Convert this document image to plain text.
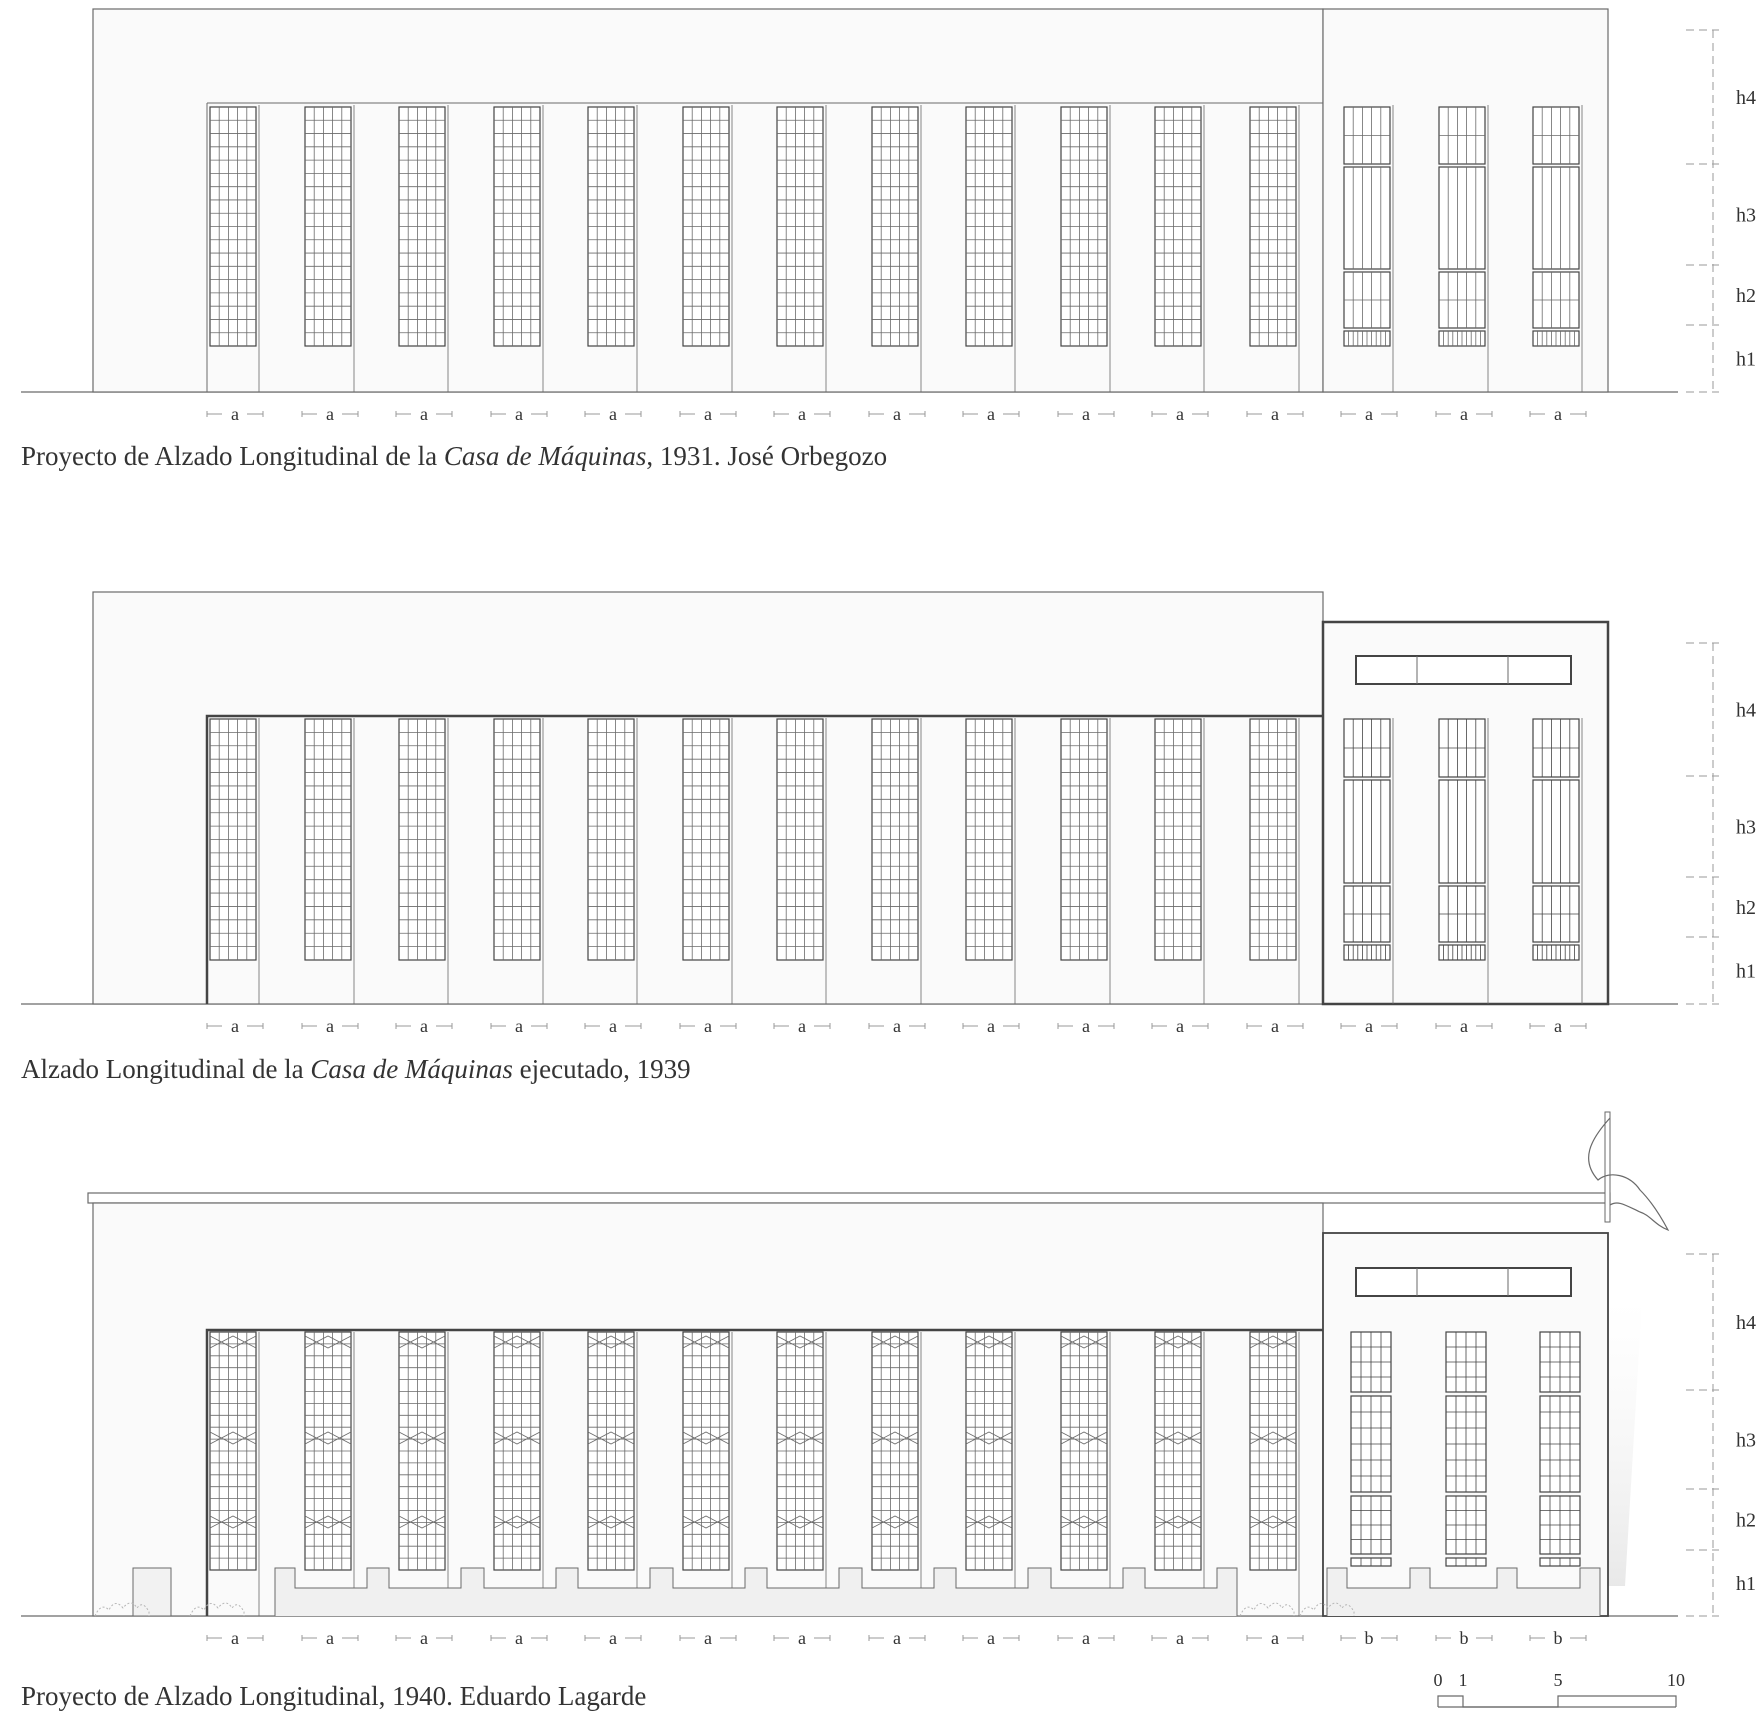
a	a	a	a	a	a	a	a	a	a	a	a	a	a	a
h4
h3
h2
h1
a	a	a	a	a	a	a	a	a	a	a	a	a	a	a
h4
h3
h2
h1
a	a	a	a	a	a	a	a	a	a	a	a	b	b	b
h4
h3
h2
h1
0 1	5	10

Proyecto de Alzado Longitudinal de la Casa de Máquinas, 1931. José Orbegozo

Alzado Longitudinal de la Casa de Máquinas ejecutado, 1939

Proyecto de Alzado Longitudinal, 1940. Eduardo Lagarde
